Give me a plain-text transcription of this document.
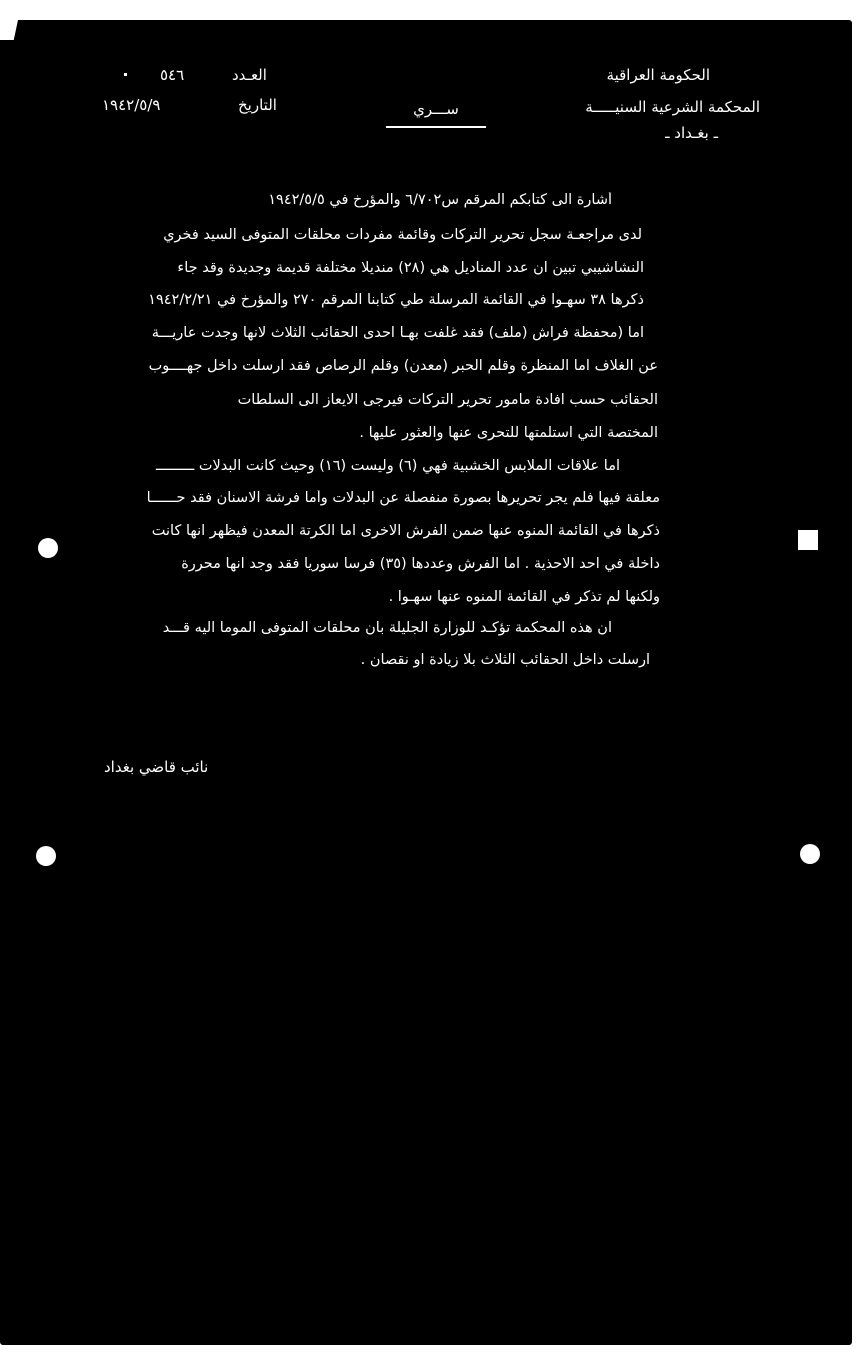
الحكومة العراقية
المحكمة الشرعية السنيـــــة
ـ بغـداد ـ
ســـري
العـدد
٥٤٦
التاريخ
١٩٤٢/٥/٩
أشارة الى كتابكم المرقم س٦/٧٠٢ والمؤرخ في ١٩٤٢/٥/٥
لدى مراجعـة سجل تحرير التركات وقائمة مفردات محلقات المتوفى السيد فخري
النشاشيبي تبين ان عدد المناديل هي (٢٨) منديلا مختلفة قديمة وجديدة وقد جاء
ذكرها ٣٨ سهـوا في القائمة المرسلة طي كتابنا المرقم ٢٧٠ والمؤرخ في ١٩٤٢/٢/٢١
اما (محفظة فراش (ملف) فقد غلفت بهـا احدى الحقائب الثلاث لانها وجدت عاريـــة
عن الغلاف اما المنظرة وقلم الحبر (معدن) وقلم الرصاص فقد ارسلت داخل جهــــوب
الحقائب حسب افادة مامور تحرير التركات فيرجى الايعاز الى السلطات
المختصة التي استلمتها للتحرى عنها والعثور عليها .
اما علاقات الملابس الخشبية فهي (٦) وليست (١٦) وحيث كانت البدلات ـــــــــ
معلقة فيها فلم يجر تحريرها بصورة منفصلة عن البدلات وأما فرشة الاسنان فقد حــــــا
ذكرها في القائمة المنوه عنها ضمن الفرش الاخرى اما الكرتة المعدن فيظهر انها كانت
داخلة في احد الاحذية . اما الفرش وعددها (٣٥) فرسا سوريا فقد وجد انها محررة
ولكنها لم تذكر في القائمة المنوه عنها سهـوا .
ان هذه المحكمة تؤكـد للوزارة الجليلة بان محلقات المتوفى المومأ اليه قـــد
ارسلت داخل الحقائب الثلاث بلا زيادة او نقصان .
نائب قاضي بغداد
